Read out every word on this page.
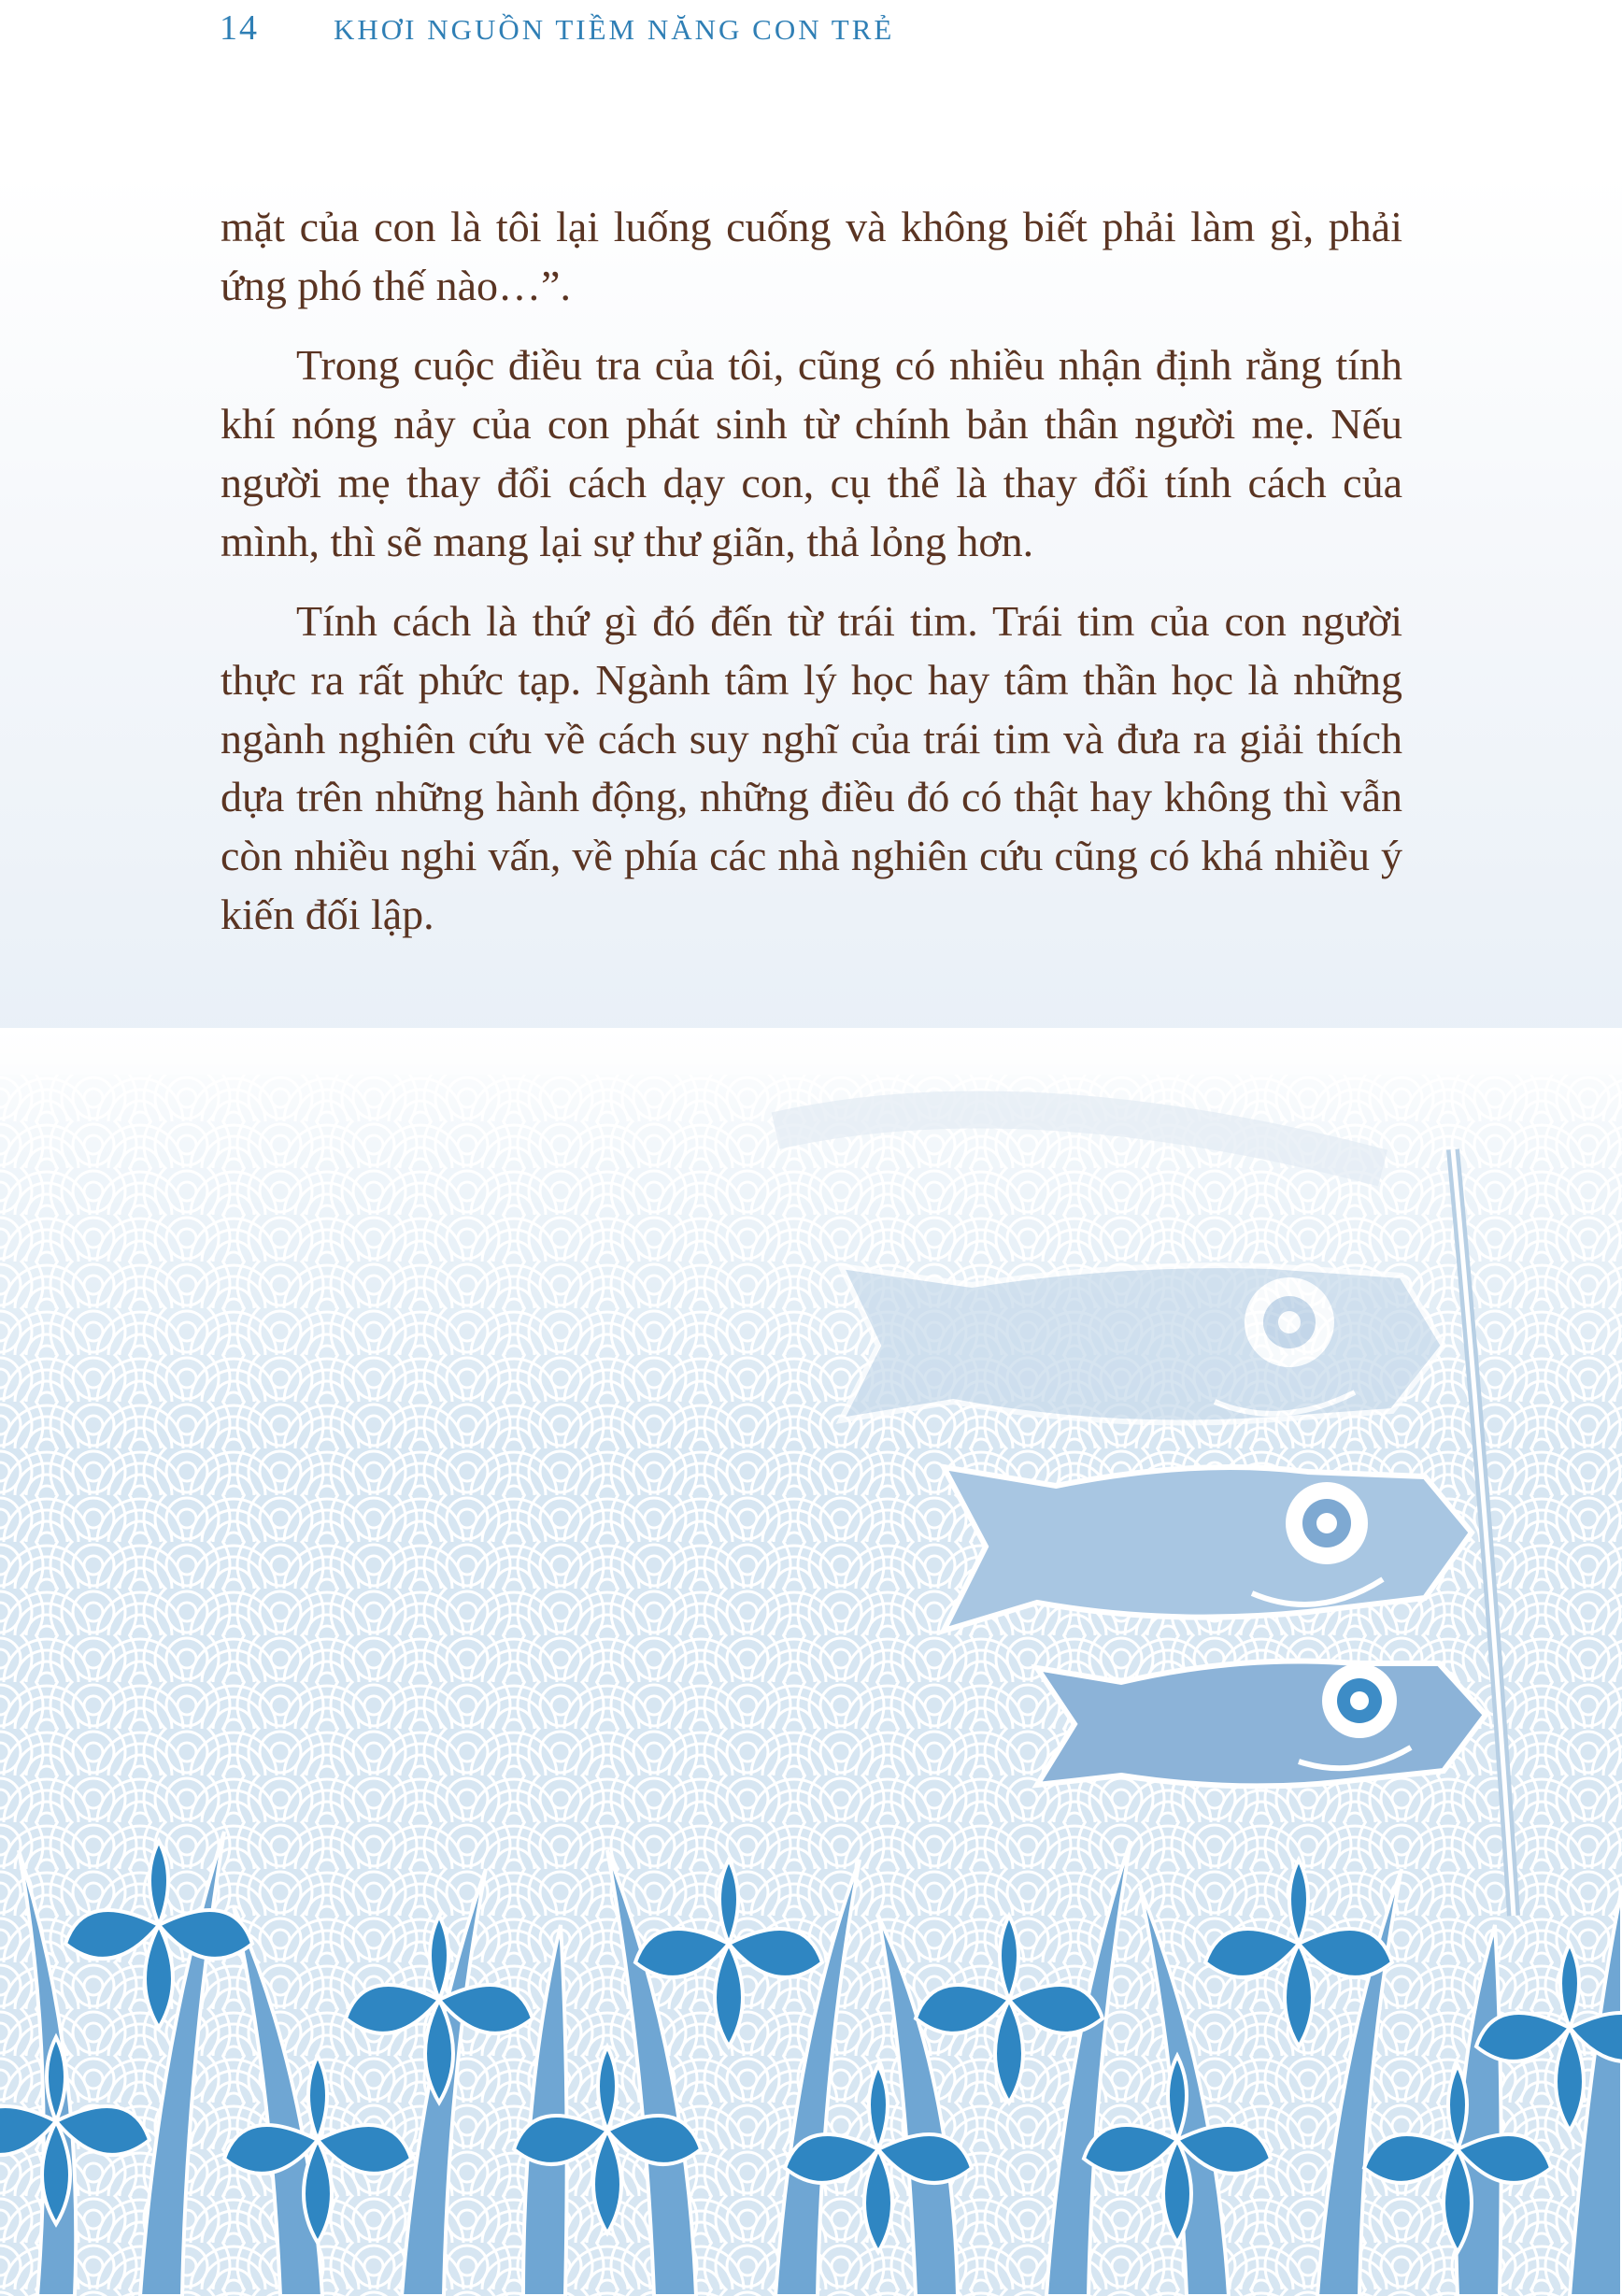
14	KHƠI NGUỒN TIỀM NĂNG CON TRẺ

mặt của con là tôi lại luống cuống và không biết phải làm gì, phải ứng phó thế nào…”.

Trong cuộc điều tra của tôi, cũng có nhiều nhận định rằng tính khí nóng nảy của con phát sinh từ chính bản thân người mẹ. Nếu người mẹ thay đổi cách dạy con, cụ thể là thay đổi tính cách của mình, thì sẽ mang lại sự thư giãn, thả lỏng hơn.

Tính cách là thứ gì đó đến từ trái tim. Trái tim của con người thực ra rất phức tạp. Ngành tâm lý học hay tâm thần học là những ngành nghiên cứu về cách suy nghĩ của trái tim và đưa ra giải thích dựa trên những hành động, những điều đó có thật hay không thì vẫn còn nhiều nghi vấn, về phía các nhà nghiên cứu cũng có khá nhiều ý kiến đối lập.
